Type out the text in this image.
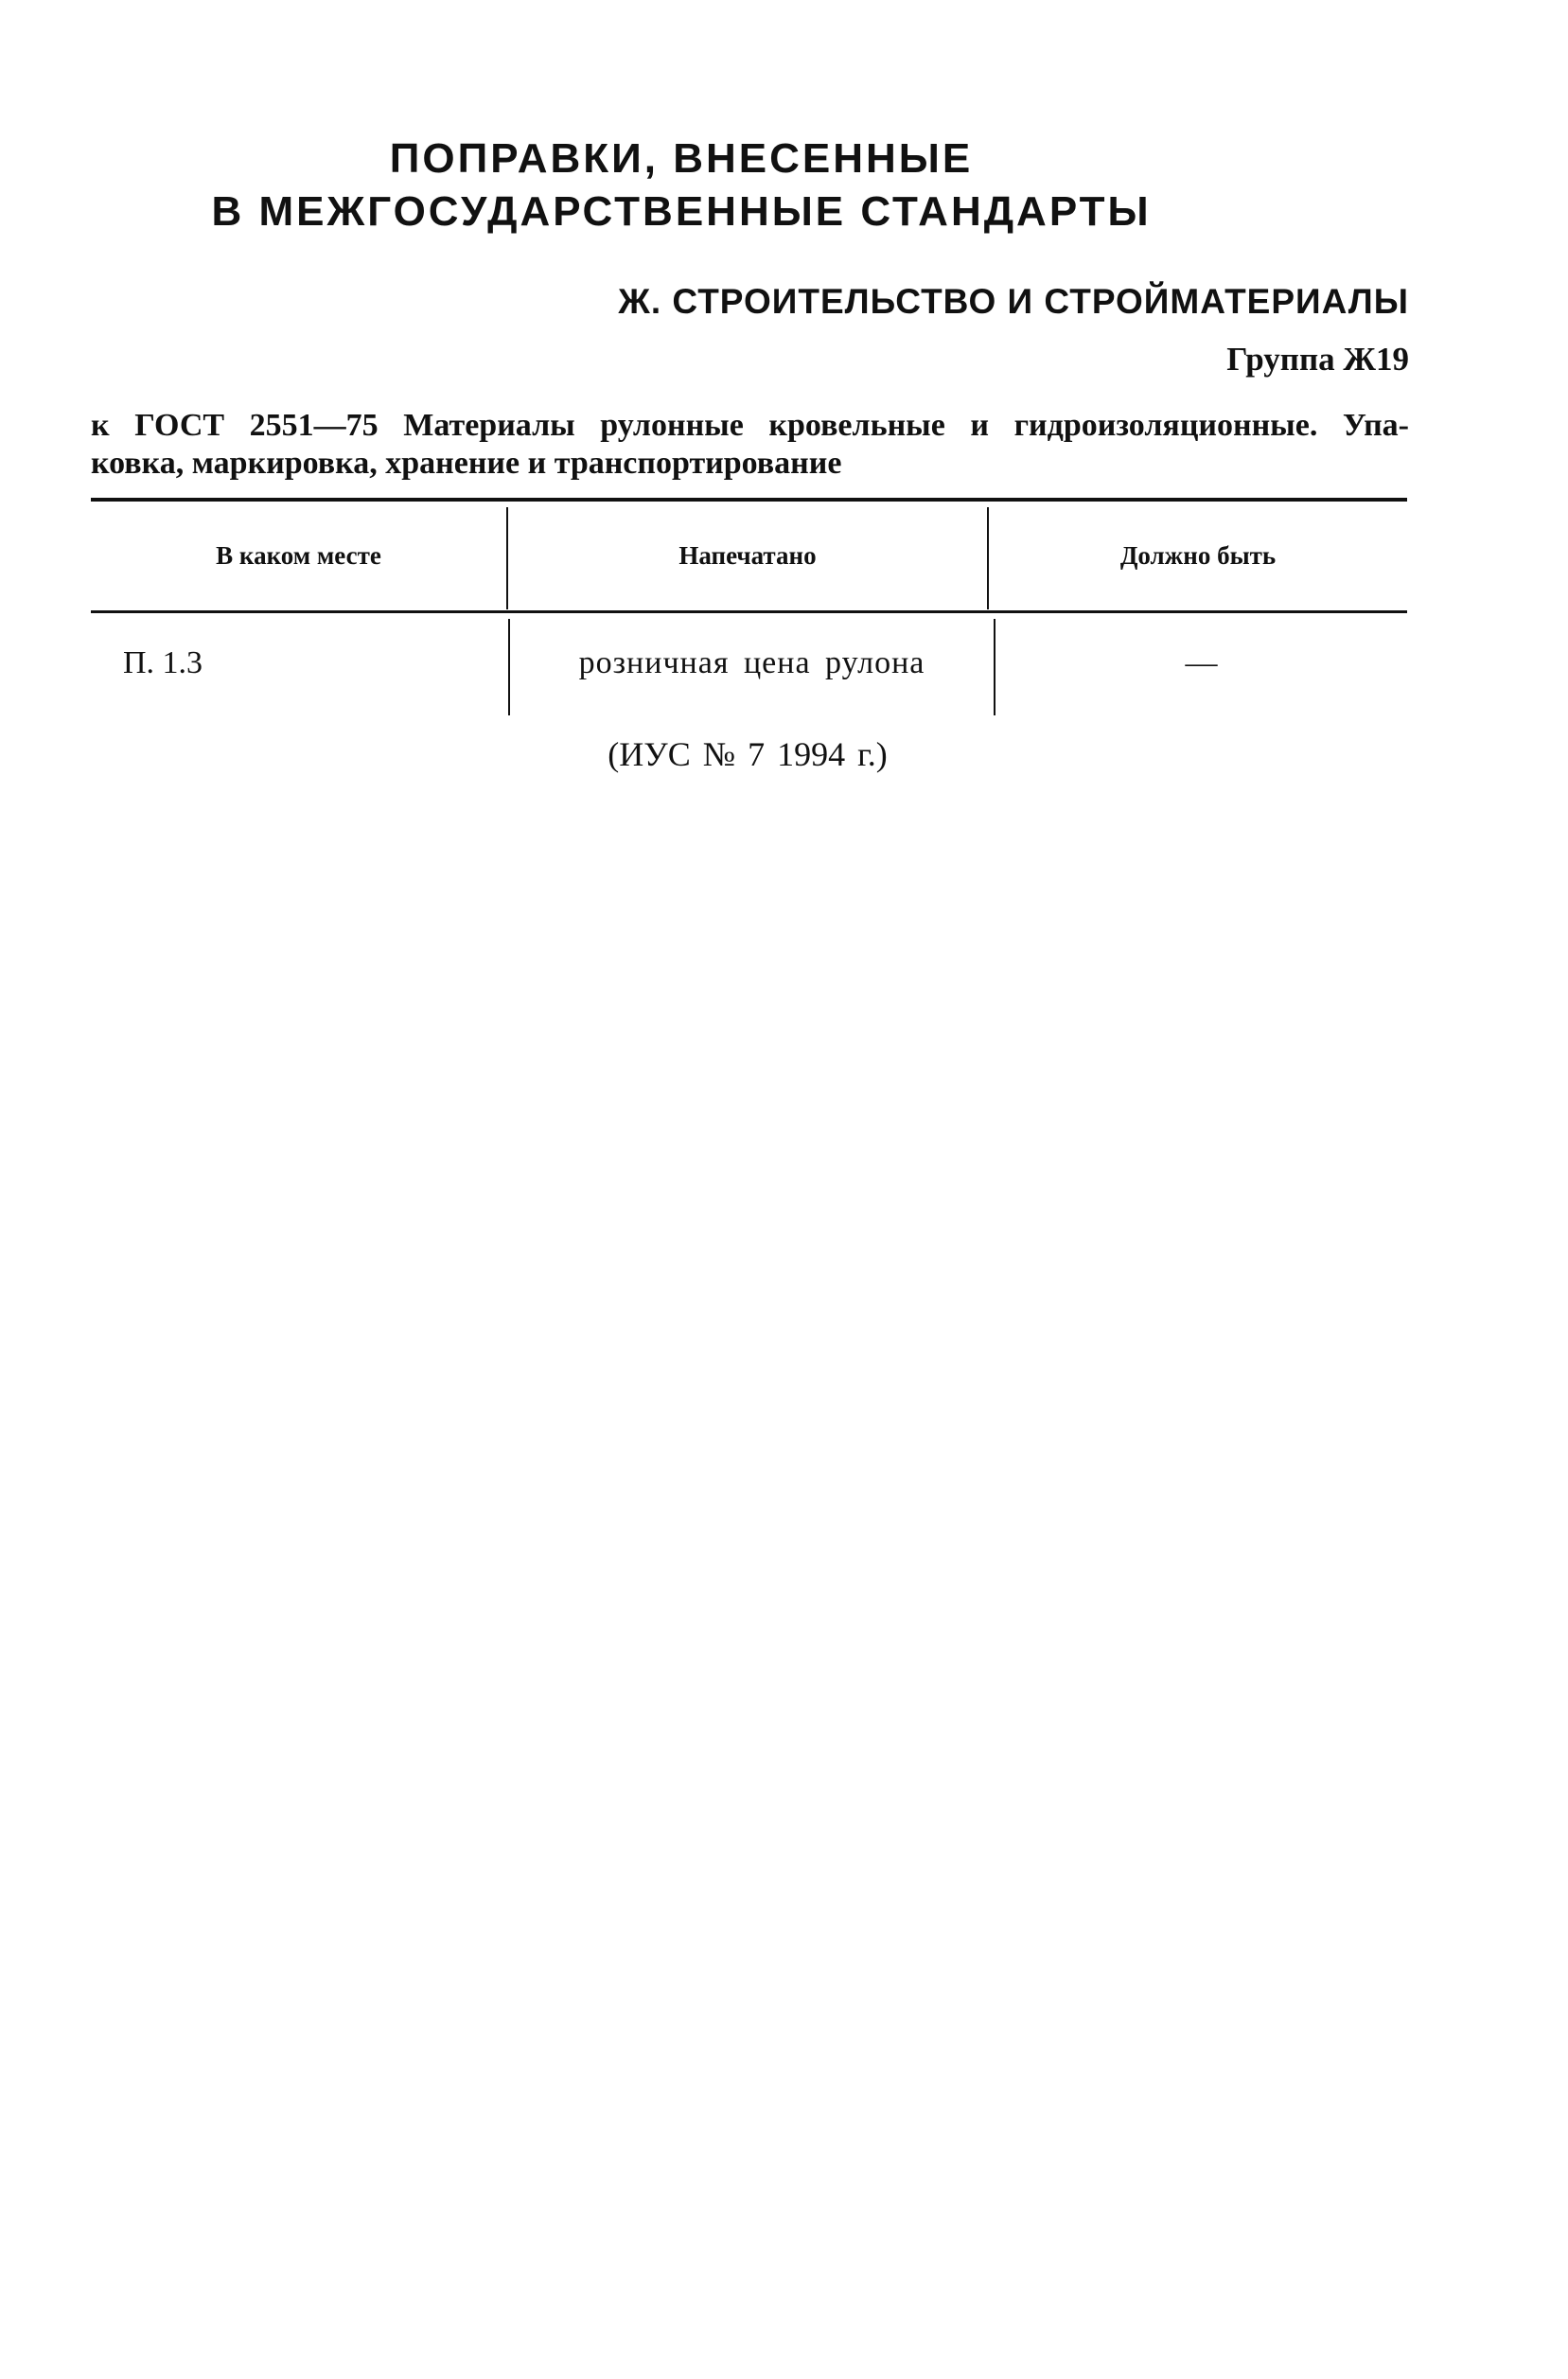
ПОПРАВКИ, ВНЕСЕННЫЕ
В МЕЖГОСУДАРСТВЕННЫЕ СТАНДАРТЫ
Ж. СТРОИТЕЛЬСТВО И СТРОЙМАТЕРИАЛЫ
Группа Ж19
к ГОСТ 2551—75 Материалы рулонные кровельные и гидроизоляционные. Упа-
ковка, маркировка, хранение и транспортирование
В каком месте	Напечатано	Должно быть
П. 1.3	розничная цена рулона	—
(ИУС № 7 1994 г.)
